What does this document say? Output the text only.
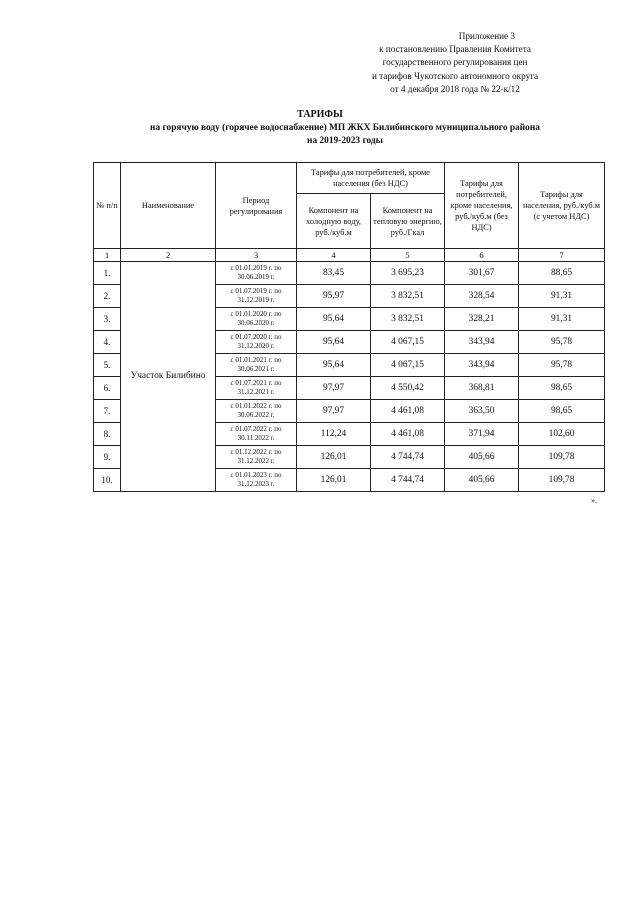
Приложение 3
к постановлению Правления Комитета
государственного регулирования цен
и тарифов Чукотского автономного округа
от 4 декабря 2018 года № 22-к/12
ТАРИФЫ
на горячую воду (горячее водоснабжение) МП ЖКХ Билибинского муниципального района
на 2019-2023 годы
№ п/п	Наименование	Период регулирования	Тарифы для потребителей, кроме населения (без НДС)		Тарифы для потребителей, кроме населения, руб./куб.м (без НДС)	Тарифы для населения, руб./куб.м (с учетом НДС)
			Компонент на холодную воду, руб./куб.м	Компонент на тепловую энергию, руб./Гкал		
1	2	3	4	5	6	7
1.	Участок Билибино	с 01.01.2019 г. по 30.06.2019 г.	83,45	3 695,23	301,67	88,65
2.		с 01.07.2019 г. по 31.12.2019 г.	95,97	3 832,51	328,54	91,31
3.		с 01.01.2020 г. по 30.06.2020 г.	95,64	3 832,51	328,21	91,31
4.		с 01.07.2020 г. по 31.12.2020 г.	95,64	4 067,15	343,94	95,78
5.		с 01.01.2021 г. по 30.06.2021 г.	95,64	4 067,15	343,94	95,78
6.		с 01.07.2021 г. по 31.12.2021 г.	97,97	4 550,42	368,81	98,65
7.		с 01.01.2022 г. по 30.06.2022 г.	97,97	4 461,08	363,50	98,65
8.		с 01.07.2022 г. по 30.11.2022 г.	112,24	4 461,08	371,94	102,60
9.		с 01.12.2022 г. по 31.12.2022 г.	126,01	4 744,74	405,66	109,78
10.		с 01.01.2023 г. по 31.12.2023 г.	126,01	4 744,74	405,66	109,78
».
